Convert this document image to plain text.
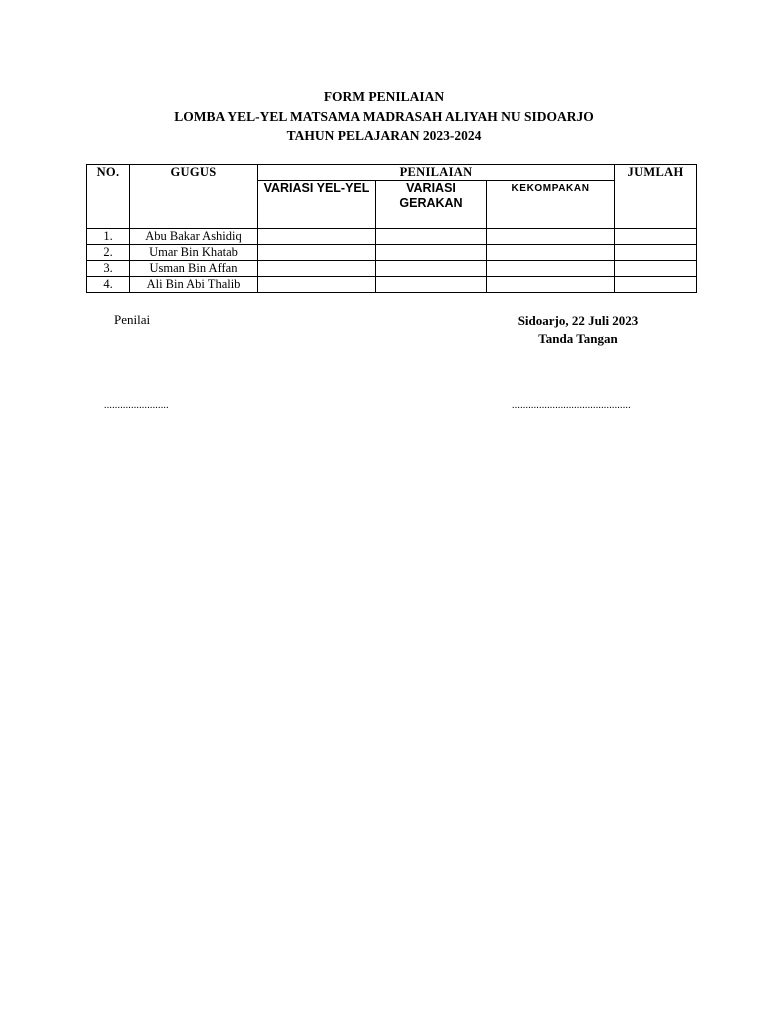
FORM PENILAIAN
LOMBA YEL-YEL MATSAMA MADRASAH ALIYAH NU SIDOARJO
TAHUN PELAJARAN 2023-2024
NO.	GUGUS	PENILAIAN			JUMLAH
		VARIASI YEL-YEL	VARIASI GERAKAN	KEKOMPAKAN	
1.	Abu Bakar Ashidiq				
2.	Umar Bin Khatab				
3.	Usman Bin Affan				
4.	Ali Bin Abi Thalib				
Penilai	Sidoarjo, 22 Juli 2023
Tanda Tangan
........................	............................................
